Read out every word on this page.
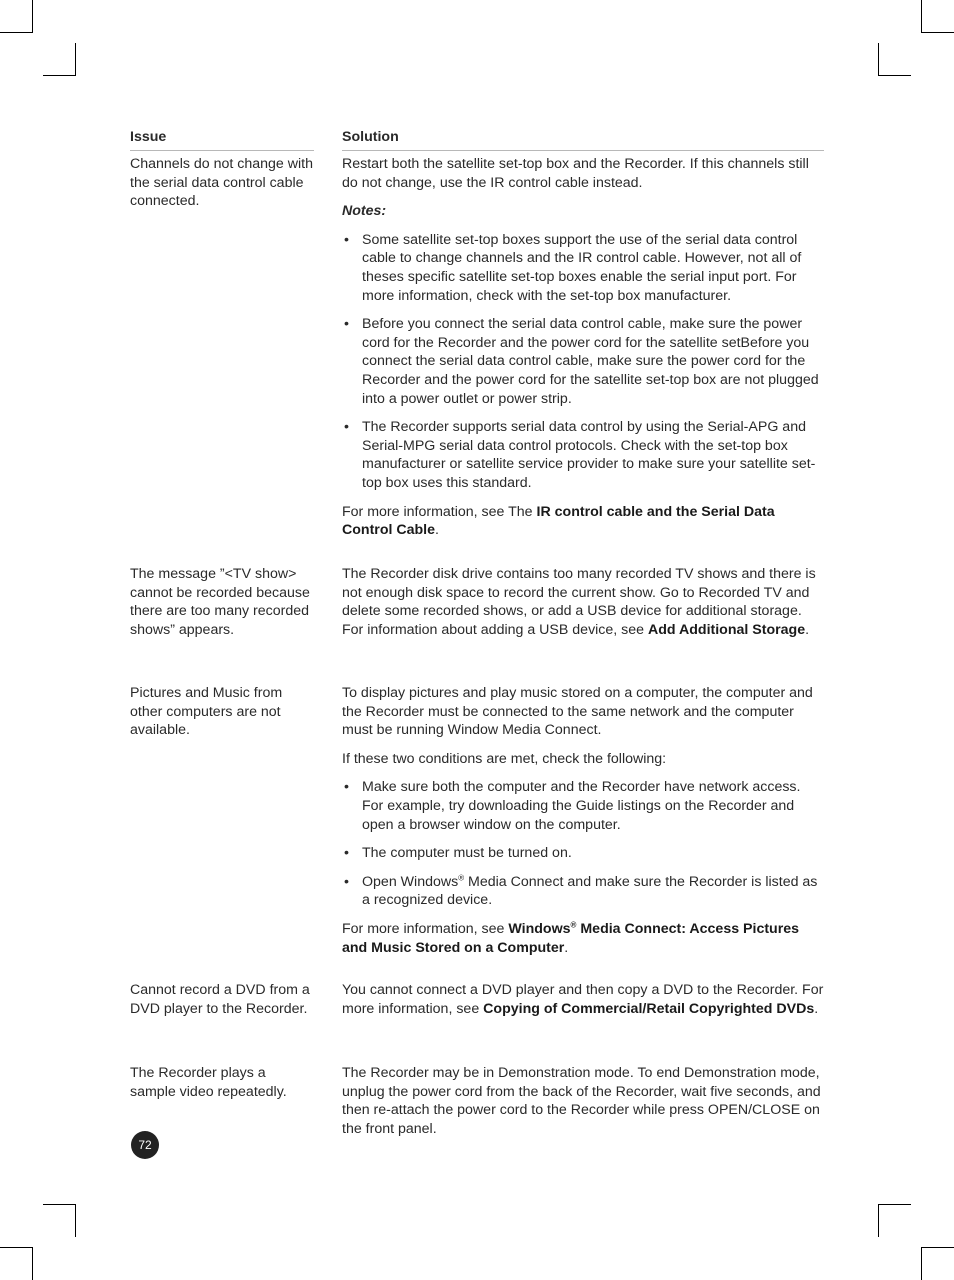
Issue	Solution
Channels do not change with the serial data control cable connected.

Restart both the satellite set-top box and the Recorder. If this channels still do not change, use the IR control cable instead.

Notes:

• Some satellite set-top boxes support the use of the serial data control cable to change channels and the IR control cable. However, not all of theses specific satellite set-top boxes enable the serial input port. For more information, check with the set-top box manufacturer.
• Before you connect the serial data control cable, make sure the power cord for the Recorder and the power cord for the satellite setBefore you connect the serial data control cable, make sure the power cord for the Recorder and the power cord for the satellite set-top box are not plugged into a power outlet or power strip.
• The Recorder supports serial data control by using the Serial-APG and Serial-MPG serial data control protocols. Check with the set-top box manufacturer or satellite service provider to make sure your satellite set-top box uses this standard.

For more information, see The IR control cable and the Serial Data Control Cable.

The message ”<TV show> cannot be recorded because there are too many recorded shows” appears.

The Recorder disk drive contains too many recorded TV shows and there is not enough disk space to record the current show. Go to Recorded TV and delete some recorded shows, or add a USB device for additional storage. For information about adding a USB device, see Add Additional Storage.

Pictures and Music from other computers are not available.

To display pictures and play music stored on a computer, the computer and the Recorder must be connected to the same network and the computer must be running Window Media Connect.

If these two conditions are met, check the following:

• Make sure both the computer and the Recorder have network access. For example, try downloading the Guide listings on the Recorder and open a browser window on the computer.
• The computer must be turned on.
• Open Windows® Media Connect and make sure the Recorder is listed as a recognized device.

For more information, see Windows® Media Connect: Access Pictures and Music Stored on a Computer.

Cannot record a DVD from a DVD player to the Recorder.

You cannot connect a DVD player and then copy a DVD to the Recorder. For more information, see Copying of Commercial/Retail Copyrighted DVDs.

The Recorder plays a sample video repeatedly.

The Recorder may be in Demonstration mode. To end Demonstration mode, unplug the power cord from the back of the Recorder, wait five seconds, and then re-attach the power cord to the Recorder while press OPEN/CLOSE on the front panel.

72
